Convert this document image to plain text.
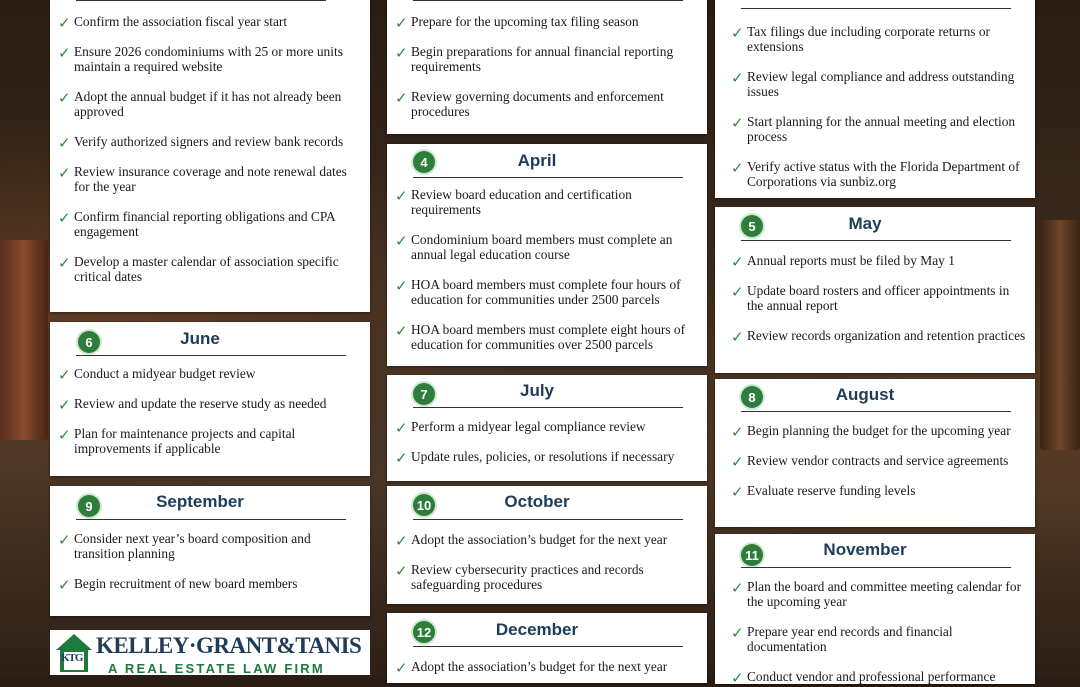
✓ Confirm the association fiscal year start
✓ Ensure 2026 condominiums with 25 or more units maintain a required website
✓ Adopt the annual budget if it has not already been approved
✓ Verify authorized signers and review bank records
✓ Review insurance coverage and note renewal dates for the year
✓ Confirm financial reporting obligations and CPA engagement
✓ Develop a master calendar of association specific critical dates
✓ Prepare for the upcoming tax filing season
✓ Begin preparations for annual financial reporting requirements
✓ Review governing documents and enforcement procedures
✓ Tax filings due including corporate returns or extensions
✓ Review legal compliance and address outstanding issues
✓ Start planning for the annual meeting and election process
✓ Verify active status with the Florida Department of Corporations via sunbiz.org
4	April
✓ Review board education and certification requirements
✓ Condominium board members must complete an annual legal education course
✓ HOA board members must complete four hours of education for communities under 2500 parcels
✓ HOA board members must complete eight hours of education for communities over 2500 parcels
5	May
✓ Annual reports must be filed by May 1
✓ Update board rosters and officer appointments in the annual report
✓ Review records organization and retention practices
6	June
✓ Conduct a midyear budget review
✓ Review and update the reserve study as needed
✓ Plan for maintenance projects and capital improvements if applicable
7	July
✓ Perform a midyear legal compliance review
✓ Update rules, policies, or resolutions if necessary
8	August
✓ Begin planning the budget for the upcoming year
✓ Review vendor contracts and service agreements
✓ Evaluate reserve funding levels
9	September
✓ Consider next year’s board composition and transition planning
✓ Begin recruitment of new board members
10	October
✓ Adopt the association’s budget for the next year
✓ Review cybersecurity practices and records safeguarding procedures
11	November
✓ Plan the board and committee meeting calendar for the upcoming year
✓ Prepare year end records and financial documentation
✓ Conduct vendor and professional performance
12	December
✓ Adopt the association’s budget for the next year
KTG KELLEY·GRANT&TANIS
A REAL ESTATE LAW FIRM
